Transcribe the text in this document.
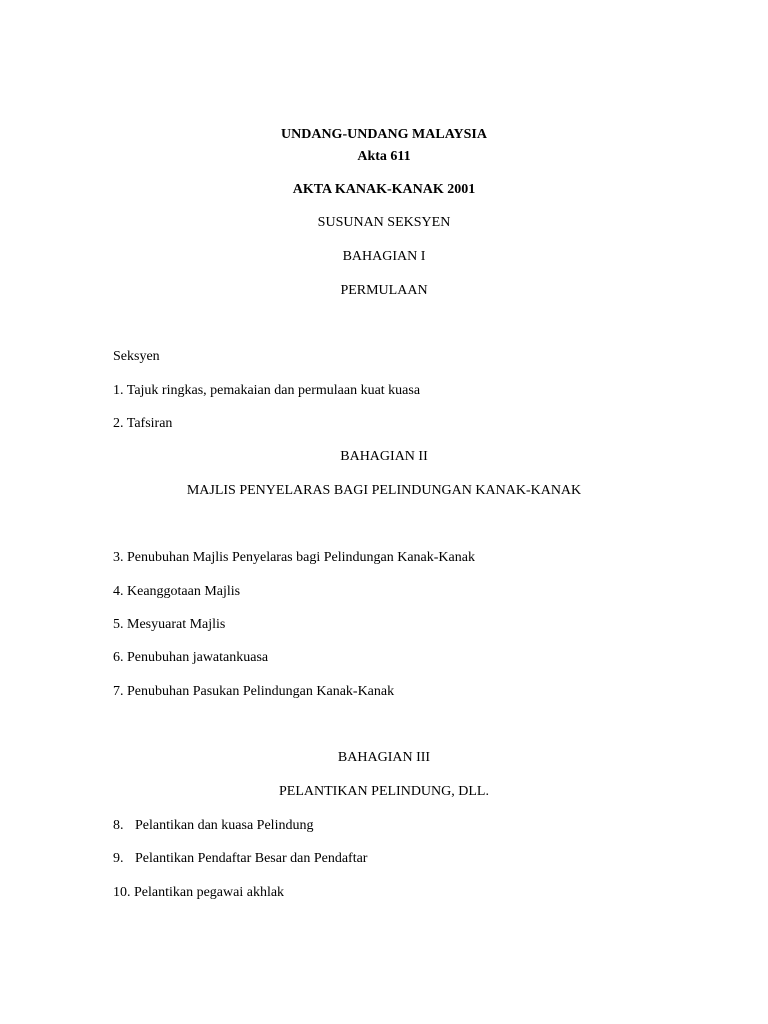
UNDANG-UNDANG MALAYSIA
Akta 611
AKTA KANAK-KANAK 2001
SUSUNAN SEKSYEN
BAHAGIAN I
PERMULAAN
Seksyen
1. Tajuk ringkas, pemakaian dan permulaan kuat kuasa
2. Tafsiran
BAHAGIAN II
MAJLIS PENYELARAS BAGI PELINDUNGAN KANAK-KANAK
3. Penubuhan Majlis Penyelaras bagi Pelindungan Kanak-Kanak
4. Keanggotaan Majlis
5. Mesyuarat Majlis
6. Penubuhan jawatankuasa
7. Penubuhan Pasukan Pelindungan Kanak-Kanak
BAHAGIAN III
PELANTIKAN PELINDUNG, DLL.
8. Pelantikan dan kuasa Pelindung
9. Pelantikan Pendaftar Besar dan Pendaftar
10. Pelantikan pegawai akhlak
